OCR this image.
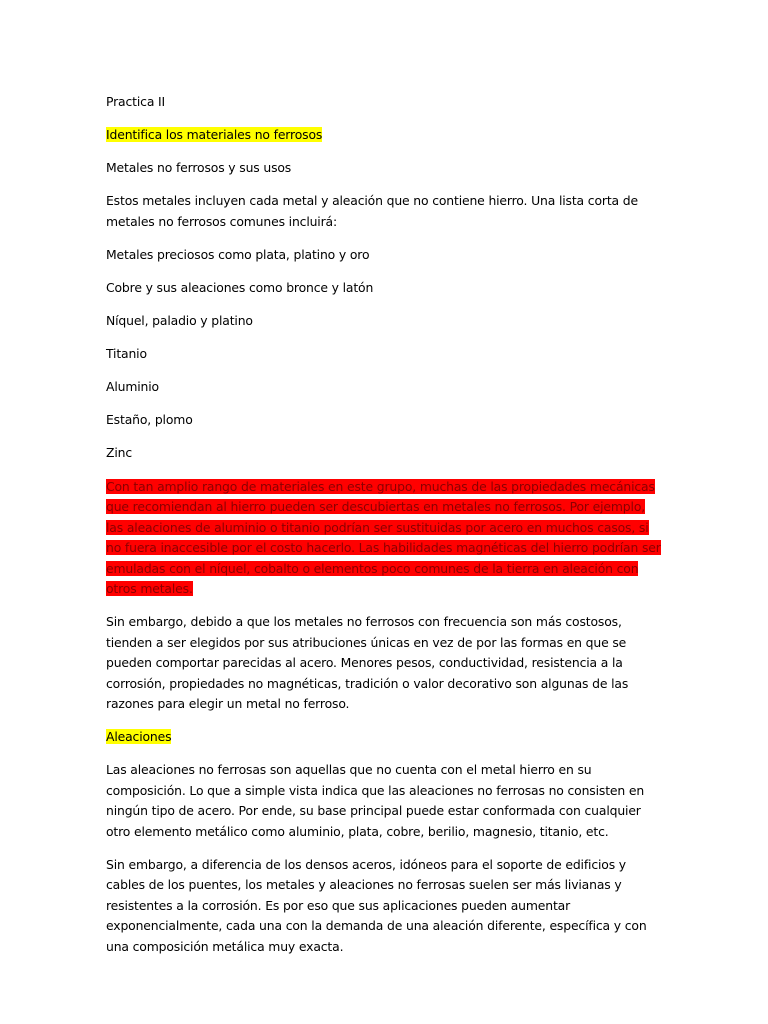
Practica II

Identifica los materiales no ferrosos

Metales no ferrosos y sus usos

Estos metales incluyen cada metal y aleación que no contiene hierro. Una lista corta de metales no ferrosos comunes incluirá:

Metales preciosos como plata, platino y oro

Cobre y sus aleaciones como bronce y latón

Níquel, paladio y platino

Titanio

Aluminio

Estaño, plomo

Zinc

Con tan amplio rango de materiales en este grupo, muchas de las propiedades mecánicas que recomiendan al hierro pueden ser descubiertas en metales no ferrosos. Por ejemplo, las aleaciones de aluminio o titanio podrían ser sustituidas por acero en muchos casos, si no fuera inaccesible por el costo hacerlo. Las habilidades magnéticas del hierro podrían ser emuladas con el níquel, cobalto o elementos poco comunes de la tierra en aleación con otros metales.

Sin embargo, debido a que los metales no ferrosos con frecuencia son más costosos, tienden a ser elegidos por sus atribuciones únicas en vez de por las formas en que se pueden comportar parecidas al acero. Menores pesos, conductividad, resistencia a la corrosión, propiedades no magnéticas, tradición o valor decorativo son algunas de las razones para elegir un metal no ferroso.

Aleaciones

Las aleaciones no ferrosas son aquellas que no cuenta con el metal hierro en su composición. Lo que a simple vista indica que las aleaciones no ferrosas no consisten en ningún tipo de acero. Por ende, su base principal puede estar conformada con cualquier otro elemento metálico como aluminio, plata, cobre, berilio, magnesio, titanio, etc.

Sin embargo, a diferencia de los densos aceros, idóneos para el soporte de edificios y cables de los puentes, los metales y aleaciones no ferrosas suelen ser más livianas y resistentes a la corrosión. Es por eso que sus aplicaciones pueden aumentar exponencialmente, cada una con la demanda de una aleación diferente, específica y con una composición metálica muy exacta.
